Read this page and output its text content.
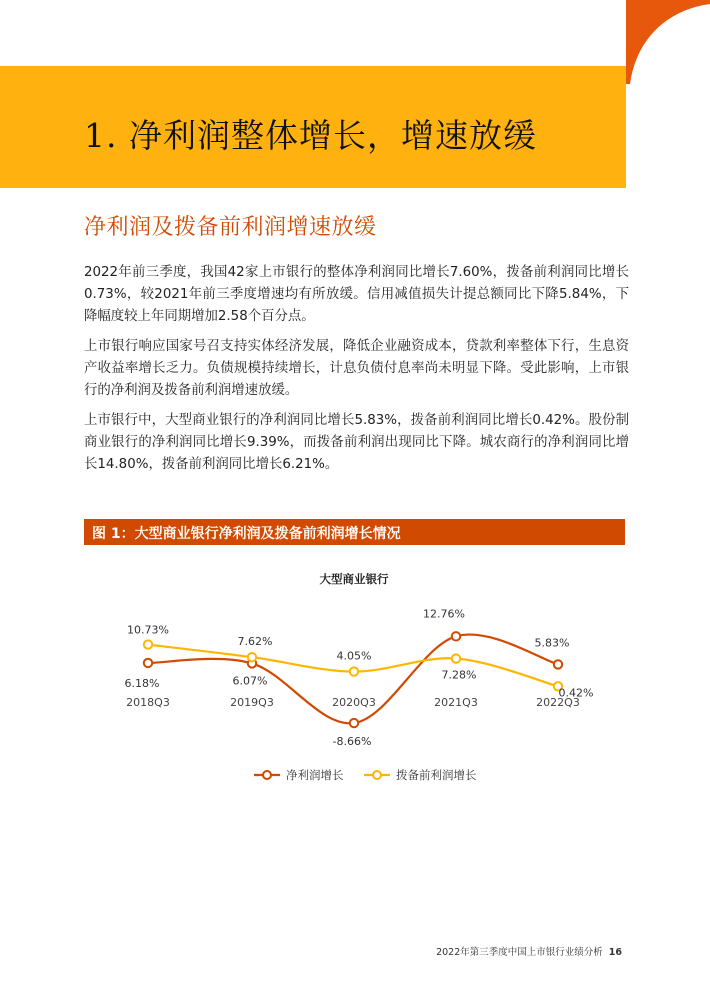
1. 净利润整体增长，增速放缓
净利润及拨备前利润增速放缓

2022年前三季度，我国42家上市银行的整体净利润同比增长7.60%，拨备前利润同比增长0.73%，较2021年前三季度增速均有所放缓。信用减值损失计提总额同比下降5.84%，下降幅度较上年同期增加2.58个百分点。

上市银行响应国家号召支持实体经济发展，降低企业融资成本，贷款利率整体下行，生息资产收益率增长乏力。负债规模持续增长，计息负债付息率尚未明显下降。受此影响，上市银行的净利润及拨备前利润增速放缓。

上市银行中，大型商业银行的净利润同比增长5.83%，拨备前利润同比增长0.42%。股份制商业银行的净利润同比增长9.39%，而拨备前利润出现同比下降。城农商行的净利润同比增长14.80%，拨备前利润同比增长6.21%。

图 1：大型商业银行净利润及拨备前利润增长情况
大型商业银行
2018Q3	2019Q3	2020Q3	2021Q3	2022Q3
6.18%	6.07%
-8.66%
12.76%
5.83%
10.73%
7.62%
4.05%
7.28%
0.42%
净利润增长	拨备前利润增长
2022年第三季度中国上市银行业绩分析 16
